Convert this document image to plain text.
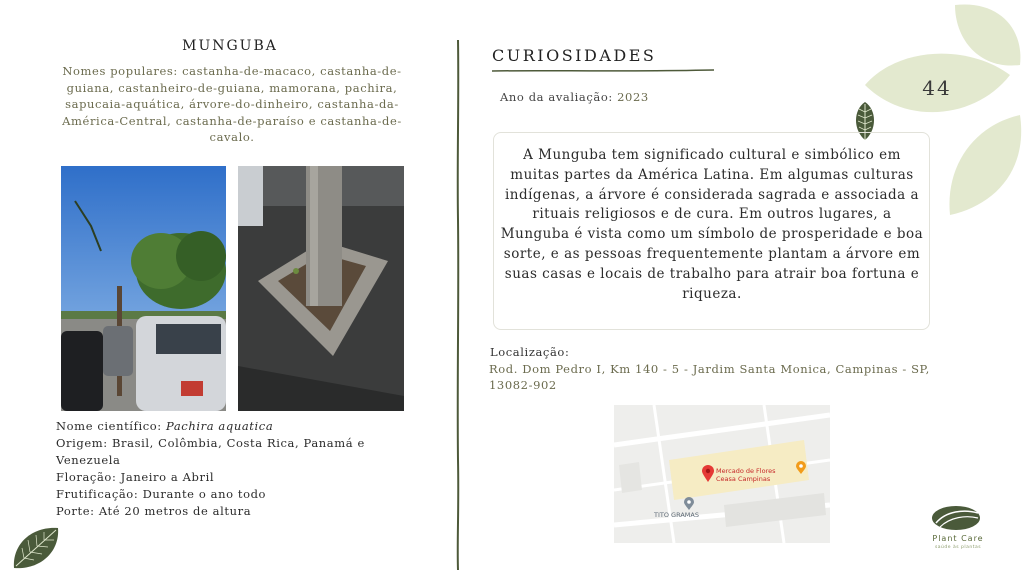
MUNGUBA
Nomes populares: castanha-de-macaco, castanha-de-guiana, castanheiro-de-guiana, mamorana, pachira, sapucaia-aquática, árvore-do-dinheiro, castanha-da-América-Central, castanha-de-paraíso e castanha-de-cavalo.
Nome científico: Pachira aquatica
Origem: Brasil, Colômbia, Costa Rica, Panamá e Venezuela
Floração: Janeiro a Abril
Frutificação: Durante o ano todo
Porte: Até 20 metros de altura
CURIOSIDADES
Ano da avaliação: 2023	44
A Munguba tem significado cultural e simbólico em muitas partes da América Latina. Em algumas culturas indígenas, a árvore é considerada sagrada e associada a rituais religiosos e de cura. Em outros lugares, a Munguba é vista como um símbolo de prosperidade e boa sorte, e as pessoas frequentemente plantam a árvore em suas casas e locais de trabalho para atrair boa fortuna e riqueza.
Localização:
Rod. Dom Pedro I, Km 140 - 5 - Jardim Santa Monica, Campinas - SP, 13082-902
Mercado de Flores
Ceasa Campinas
TITO GRAMAS
Plant Care
saúde às plantas
